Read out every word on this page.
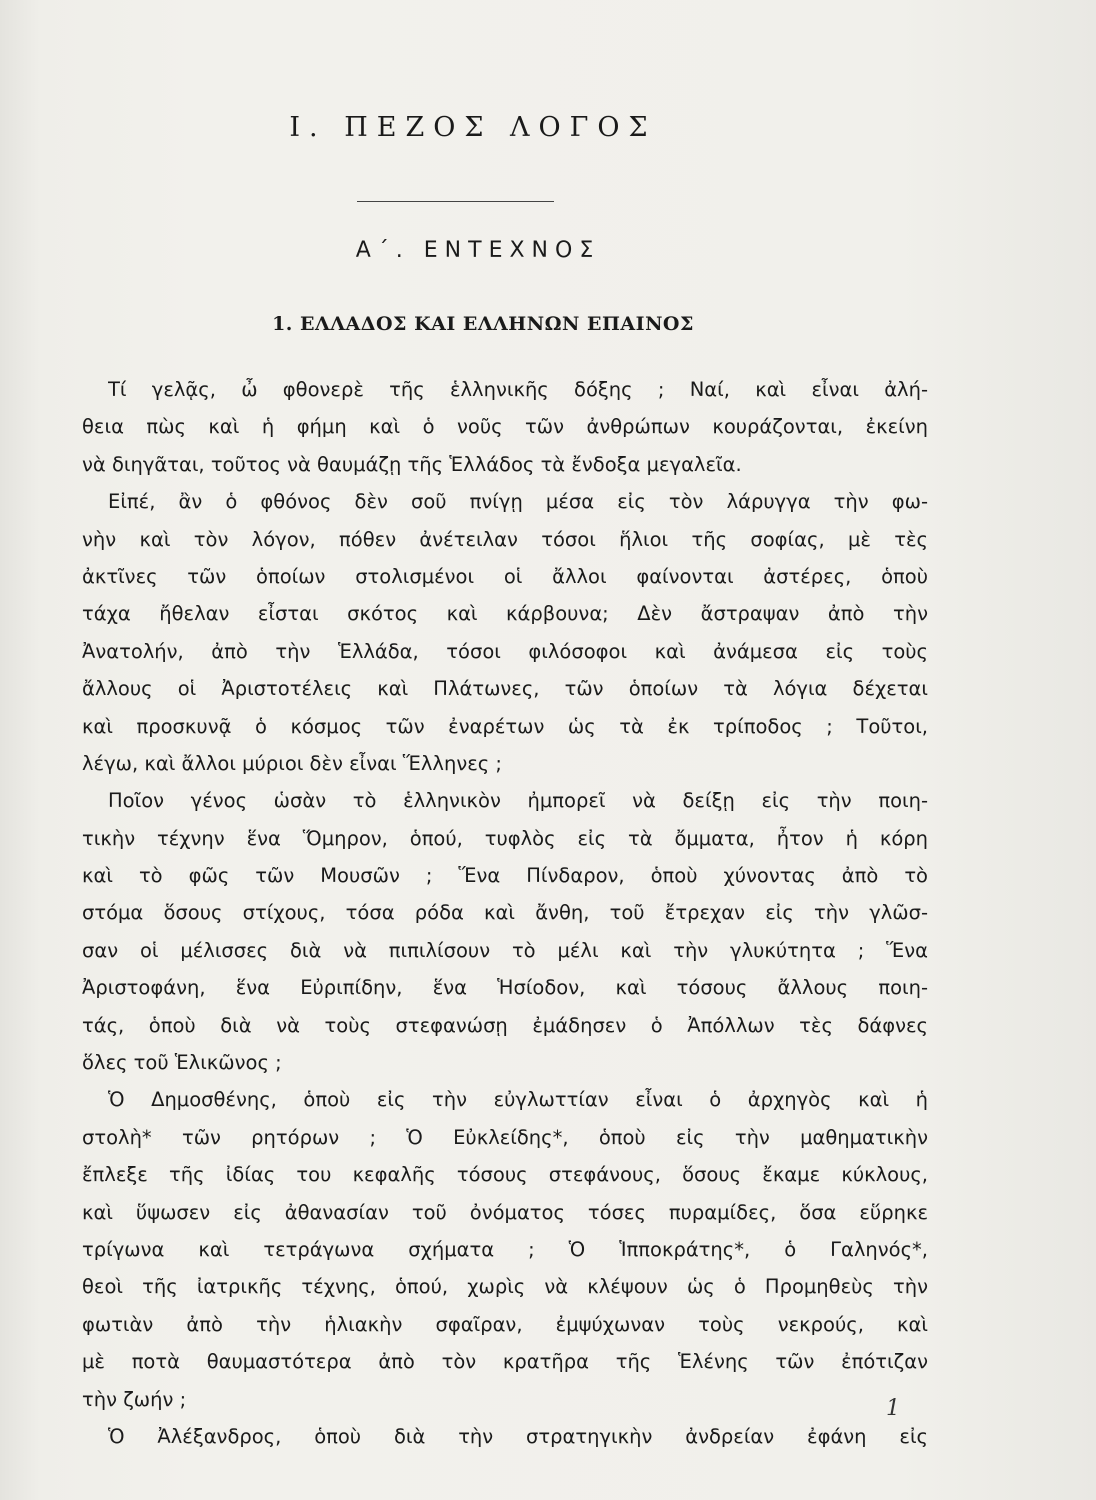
I. ΠΕΖΟΣ ΛΟΓΟΣ
Α΄. ΕΝΤΕΧΝΟΣ
1. ΕΛΛΑΔΟΣ ΚΑΙ ΕΛΛΗΝΩΝ ΕΠΑΙΝΟΣ
Τί γελᾷς, ὦ φθονερὲ τῆς ἑλληνικῆς δόξης ; Ναί, καὶ εἶναι ἀλή-
θεια πὼς καὶ ἡ φήμη καὶ ὁ νοῦς τῶν ἀνθρώπων κουράζονται, ἐκείνη
νὰ διηγᾶται, τοῦτος νὰ θαυμάζῃ τῆς Ἑλλάδος τὰ ἔνδοξα μεγαλεῖα.
Εἰπέ, ἂν ὁ φθόνος δὲν σοῦ πνίγῃ μέσα εἰς τὸν λάρυγγα τὴν φω-
νὴν καὶ τὸν λόγον, πόθεν ἀνέτειλαν τόσοι ἥλιοι τῆς σοφίας, μὲ τὲς
ἀκτῖνες τῶν ὁποίων στολισμένοι οἱ ἄλλοι φαίνονται ἀστέρες, ὁποὺ
τάχα ἤθελαν εἶσται σκότος καὶ κάρβουνα; Δὲν ἄστραψαν ἀπὸ τὴν
Ἀνατολήν, ἀπὸ τὴν Ἑλλάδα, τόσοι φιλόσοφοι καὶ ἀνάμεσα εἰς τοὺς
ἄλλους οἱ Ἀριστοτέλεις καὶ Πλάτωνες, τῶν ὁποίων τὰ λόγια δέχεται
καὶ προσκυνᾷ ὁ κόσμος τῶν ἐναρέτων ὡς τὰ ἐκ τρίποδος ; Τοῦτοι,
λέγω, καὶ ἄλλοι μύριοι δὲν εἶναι Ἕλληνες ;
Ποῖον γένος ὡσὰν τὸ ἑλληνικὸν ἠμπορεῖ νὰ δείξῃ εἰς τὴν ποιη-
τικὴν τέχνην ἕνα Ὅμηρον, ὁπού, τυφλὸς εἰς τὰ ὄμματα, ἦτον ἡ κόρη
καὶ τὸ φῶς τῶν Μουσῶν ; Ἕνα Πίνδαρον, ὁποὺ χύνοντας ἀπὸ τὸ
στόμα ὅσους στίχους, τόσα ρόδα καὶ ἄνθη, τοῦ ἔτρεχαν εἰς τὴν γλῶσ-
σαν οἱ μέλισσες διὰ νὰ πιπιλίσουν τὸ μέλι καὶ τὴν γλυκύτητα ; Ἕνα
Ἀριστοφάνη, ἕνα Εὐριπίδην, ἕνα Ἡσίοδον, καὶ τόσους ἄλλους ποιη-
τάς, ὁποὺ διὰ νὰ τοὺς στεφανώσῃ ἐμάδησεν ὁ Ἀπόλλων τὲς δάφνες
ὅλες τοῦ Ἑλικῶνος ;
Ὁ Δημοσθένης, ὁποὺ εἰς τὴν εὐγλωττίαν εἶναι ὁ ἀρχηγὸς καὶ ἡ
στολὴ* τῶν ρητόρων ; Ὁ Εὐκλείδης*, ὁποὺ εἰς τὴν μαθηματικὴν
ἔπλεξε τῆς ἰδίας του κεφαλῆς τόσους στεφάνους, ὅσους ἔκαμε κύκλους,
καὶ ὕψωσεν εἰς ἀθανασίαν τοῦ ὀνόματος τόσες πυραμίδες, ὅσα εὕρηκε
τρίγωνα καὶ τετράγωνα σχήματα ; Ὁ Ἱπποκράτης*, ὁ Γαληνός*,
θεοὶ τῆς ἰατρικῆς τέχνης, ὁπού, χωρὶς νὰ κλέψουν ὡς ὁ Προμηθεὺς τὴν
φωτιὰν ἀπὸ τὴν ἡλιακὴν σφαῖραν, ἐμψύχωναν τοὺς νεκρούς, καὶ
μὲ ποτὰ θαυμαστότερα ἀπὸ τὸν κρατῆρα τῆς Ἑλένης τῶν ἐπότιζαν
τὴν ζωήν ;
Ὁ Ἀλέξανδρος, ὁποὺ διὰ τὴν στρατηγικὴν ἀνδρείαν ἐφάνη εἰς
1
